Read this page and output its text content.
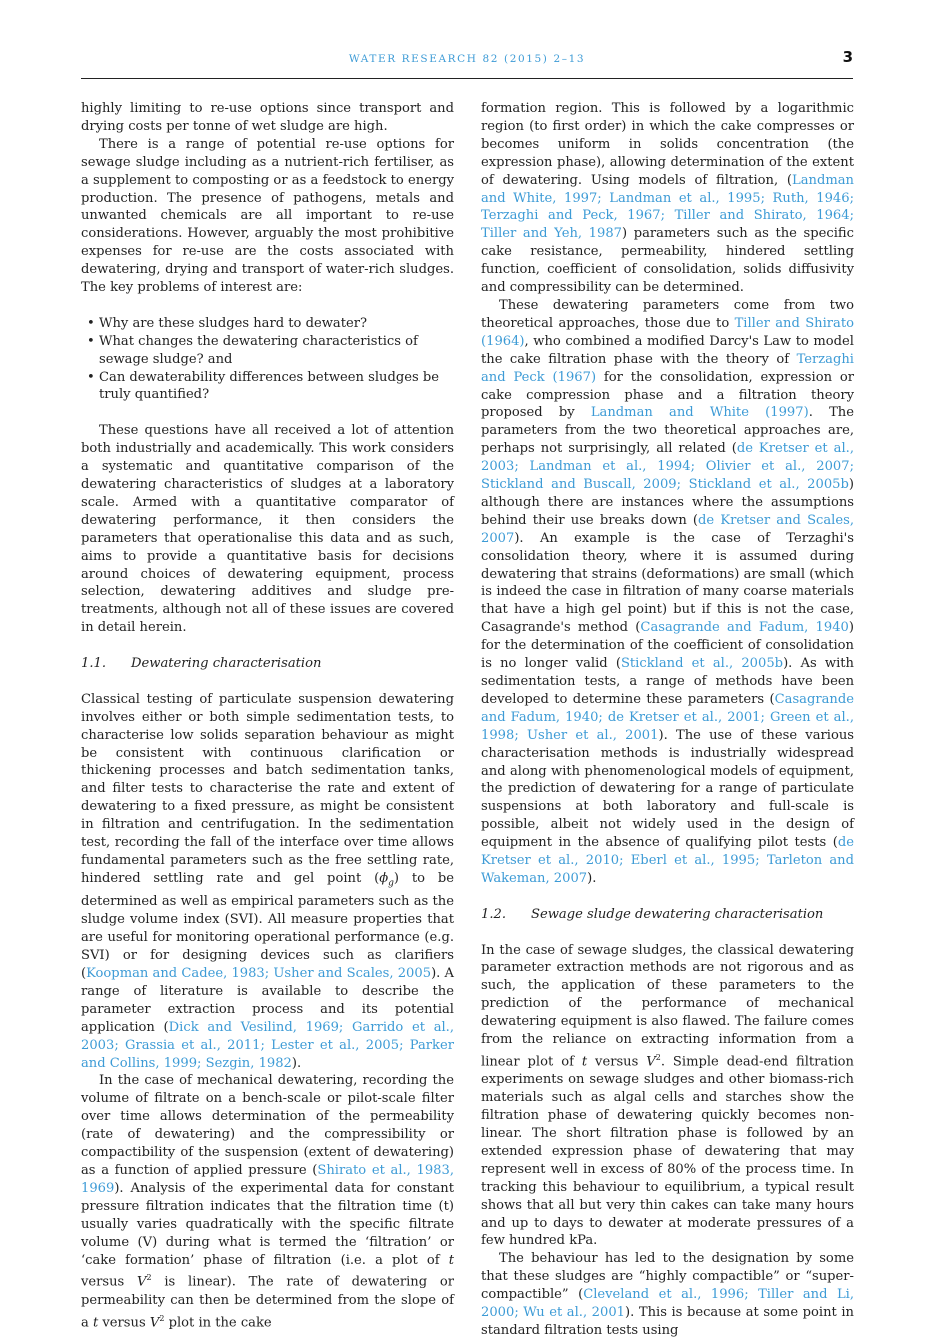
WATER RESEARCH 82 (2015) 2–13	3

highly limiting to re-use options since transport and drying costs per tonne of wet sludge are high.

There is a range of potential re-use options for sewage sludge including as a nutrient-rich fertiliser, as a supplement to composting or as a feedstock to energy production. The presence of pathogens, metals and unwanted chemicals are all important to re-use considerations. However, arguably the most prohibitive expenses for re-use are the costs associated with dewatering, drying and transport of water-rich sludges. The key problems of interest are:

• Why are these sludges hard to dewater?
• What changes the dewatering characteristics of sewage sludge? and
• Can dewaterability differences between sludges be truly quantified?

These questions have all received a lot of attention both industrially and academically. This work considers a systematic and quantitative comparison of the dewatering characteristics of sludges at a laboratory scale. Armed with a quantitative comparator of dewatering performance, it then considers the parameters that operationalise this data and as such, aims to provide a quantitative basis for decisions around choices of dewatering equipment, process selection, dewatering additives and sludge pre-treatments, although not all of these issues are covered in detail herein.

1.1. Dewatering characterisation

Classical testing of particulate suspension dewatering involves either or both simple sedimentation tests, to characterise low solids separation behaviour as might be consistent with continuous clarification or thickening processes and batch sedimentation tanks, and filter tests to characterise the rate and extent of dewatering to a fixed pressure, as might be consistent in filtration and centrifugation. In the sedimentation test, recording the fall of the interface over time allows fundamental parameters such as the free settling rate, hindered settling rate and gel point $(\phi_g)$ to be determined as well as empirical parameters such as the sludge volume index (SVI). All measure properties that are useful for monitoring operational performance (e.g. SVI) or for designing devices such as clarifiers (Koopman and Cadee, 1983; Usher and Scales, 2005). A range of literature is available to describe the parameter extraction process and its potential application (Dick and Vesilind, 1969; Garrido et al., 2003; Grassia et al., 2011; Lester et al., 2005; Parker and Collins, 1999; Sezgin, 1982).

In the case of mechanical dewatering, recording the volume of filtrate on a bench-scale or pilot-scale filter over time allows determination of the permeability (rate of dewatering) and the compressibility or compactibility of the suspension (extent of dewatering) as a function of applied pressure (Shirato et al., 1983, 1969). Analysis of the experimental data for constant pressure filtration indicates that the filtration time (t) usually varies quadratically with the specific filtrate volume (V) during what is termed the ‘filtration’ or ‘cake formation’ phase of filtration (i.e. a plot of t versus $V^2$ is linear). The rate of dewatering or permeability can then be determined from the slope of a t versus $V^2$ plot in the cake

formation region. This is followed by a logarithmic region (to first order) in which the cake compresses or becomes uniform in solids concentration (the expression phase), allowing determination of the extent of dewatering. Using models of filtration, (Landman and White, 1997; Landman et al., 1995; Ruth, 1946; Terzaghi and Peck, 1967; Tiller and Shirato, 1964; Tiller and Yeh, 1987) parameters such as the specific cake resistance, permeability, hindered settling function, coefficient of consolidation, solids diffusivity and compressibility can be determined.

These dewatering parameters come from two theoretical approaches, those due to Tiller and Shirato (1964), who combined a modified Darcy's Law to model the cake filtration phase with the theory of Terzaghi and Peck (1967) for the consolidation, expression or cake compression phase and a filtration theory proposed by Landman and White (1997). The parameters from the two theoretical approaches are, perhaps not surprisingly, all related (de Kretser et al., 2003; Landman et al., 1994; Olivier et al., 2007; Stickland and Buscall, 2009; Stickland et al., 2005b) although there are instances where the assumptions behind their use breaks down (de Kretser and Scales, 2007). An example is the case of Terzaghi's consolidation theory, where it is assumed during dewatering that strains (deformations) are small (which is indeed the case in filtration of many coarse materials that have a high gel point) but if this is not the case, Casagrande's method (Casagrande and Fadum, 1940) for the determination of the coefficient of consolidation is no longer valid (Stickland et al., 2005b). As with sedimentation tests, a range of methods have been developed to determine these parameters (Casagrande and Fadum, 1940; de Kretser et al., 2001; Green et al., 1998; Usher et al., 2001). The use of these various characterisation methods is industrially widespread and along with phenomenological models of equipment, the prediction of dewatering for a range of particulate suspensions at both laboratory and full-scale is possible, albeit not widely used in the design of equipment in the absence of qualifying pilot tests (de Kretser et al., 2010; Eberl et al., 1995; Tarleton and Wakeman, 2007).

1.2. Sewage sludge dewatering characterisation

In the case of sewage sludges, the classical dewatering parameter extraction methods are not rigorous and as such, the application of these parameters to the prediction of the performance of mechanical dewatering equipment is also flawed. The failure comes from the reliance on extracting information from a linear plot of t versus $V^2$. Simple dead-end filtration experiments on sewage sludges and other biomass-rich materials such as algal cells and starches show the filtration phase of dewatering quickly becomes non-linear. The short filtration phase is followed by an extended expression phase of dewatering that may represent well in excess of 80% of the process time. In tracking this behaviour to equilibrium, a typical result shows that all but very thin cakes can take many hours and up to days to dewater at moderate pressures of a few hundred kPa.

The behaviour has led to the designation by some that these sludges are “highly compactible” or “super-compactible” (Cleveland et al., 1996; Tiller and Li, 2000; Wu et al., 2001). This is because at some point in standard filtration tests using
